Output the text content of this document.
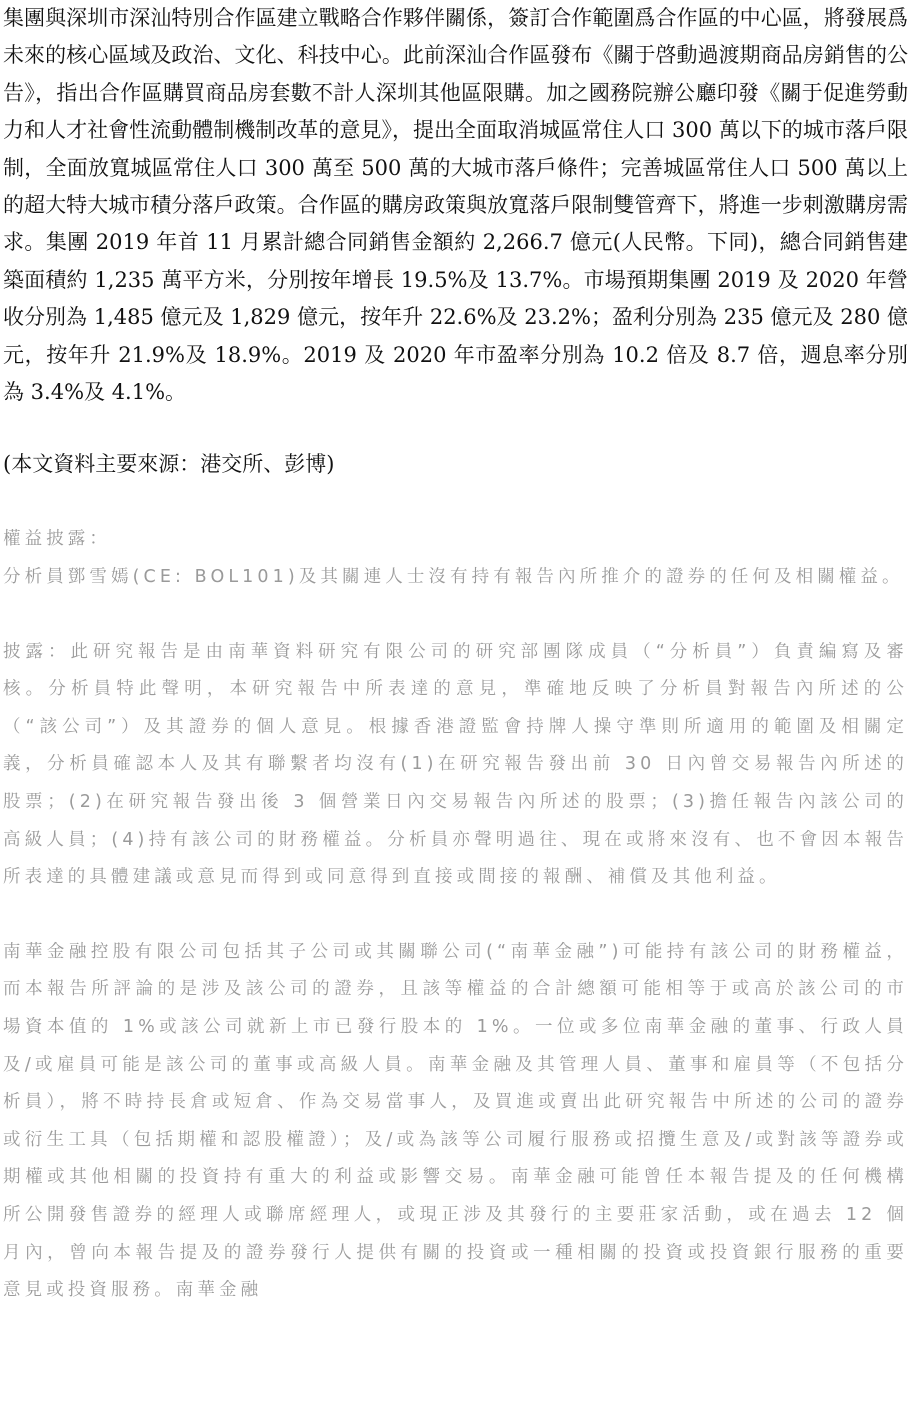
集團與深圳市深汕特別合作區建立戰略合作夥伴關係，簽訂合作範圍爲合作區的中心區，將發展爲未來的核心區域及政治、文化、科技中心。此前深汕合作區發布《關于啓動過渡期商品房銷售的公告》，指出合作區購買商品房套數不計人深圳其他區限購。加之國務院辦公廳印發《關于促進勞動力和人才社會性流動體制機制改革的意見》，提出全面取消城區常住人口 300 萬以下的城市落戶限制，全面放寬城區常住人口 300 萬至 500 萬的大城市落戶條件；完善城區常住人口 500 萬以上的超大特大城市積分落戶政策。合作區的購房政策與放寬落戶限制雙管齊下，將進一步刺激購房需求。集團 2019 年首 11 月累計總合同銷售金額約 2,266.7 億元(人民幣。下同)，總合同銷售建築面積約 1,235 萬平方米，分別按年增長 19.5%及 13.7%。市場預期集團 2019 及 2020 年營收分別為 1,485 億元及 1,829 億元，按年升 22.6%及 23.2%；盈利分別為 235 億元及 280 億元，按年升 21.9%及 18.9%。2019 及 2020 年市盈率分別為 10.2 倍及 8.7 倍，週息率分別為 3.4%及 4.1%。

(本文資料主要來源：港交所、彭博)

權益披露：

分析員鄧雪嫣(CE: BOL101)及其關連人士沒有持有報告內所推介的證券的任何及相關權益。

披露：此研究報告是由南華資料研究有限公司的研究部團隊成員（“分析員”）負責編寫及審核。分析員特此聲明，本研究報告中所表達的意見，準確地反映了分析員對報告內所述的公（“該公司”）及其證券的個人意見。根據香港證監會持牌人操守準則所適用的範圍及相關定義，分析員確認本人及其有聯繫者均沒有(1)在研究報告發出前 30 日內曾交易報告內所述的股票；(2)在研究報告發出後 3 個營業日內交易報告內所述的股票；(3)擔任報告內該公司的高級人員；(4)持有該公司的財務權益。分析員亦聲明過往、現在或將來沒有、也不會因本報告所表達的具體建議或意見而得到或同意得到直接或間接的報酬、補償及其他利益。

南華金融控股有限公司包括其子公司或其關聯公司(“南華金融”)可能持有該公司的財務權益，而本報告所評論的是涉及該公司的證券，且該等權益的合計總額可能相等于或高於該公司的市場資本值的 1%或該公司就新上市已發行股本的 1%。一位或多位南華金融的董事、行政人員及/或雇員可能是該公司的董事或高級人員。南華金融及其管理人員、董事和雇員等（不包括分析員），將不時持長倉或短倉、作為交易當事人，及買進或賣出此研究報告中所述的公司的證券或衍生工具（包括期權和認股權證）；及/或為該等公司履行服務或招攬生意及/或對該等證券或期權或其他相關的投資持有重大的利益或影響交易。南華金融可能曾任本報告提及的任何機構所公開發售證券的經理人或聯席經理人，或現正涉及其發行的主要莊家活動，或在過去 12 個月內，曾向本報告提及的證券發行人提供有關的投資或一種相關的投資或投資銀行服務的重要意見或投資服務。南華金融
